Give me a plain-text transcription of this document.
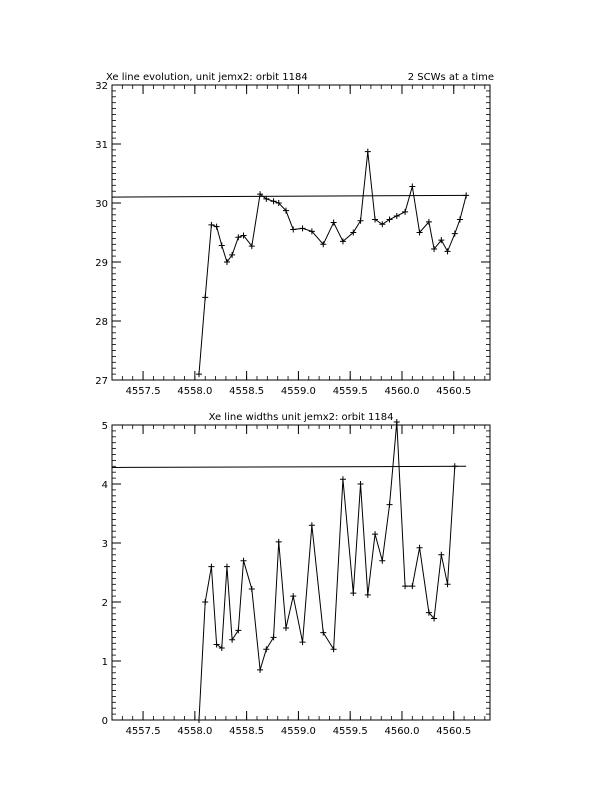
27
28
29
30
31
32
4557.5 4558.0 4558.5 4559.0 4559.5 4560.0 4560.5
Xe line evolution, unit jemx2: orbit 1184	2 SCWs at a time
0
1
2
3
4
5
4557.5 4558.0 4558.5 4559.0 4559.5 4560.0 4560.5
Xe line widths unit jemx2: orbit 1184
